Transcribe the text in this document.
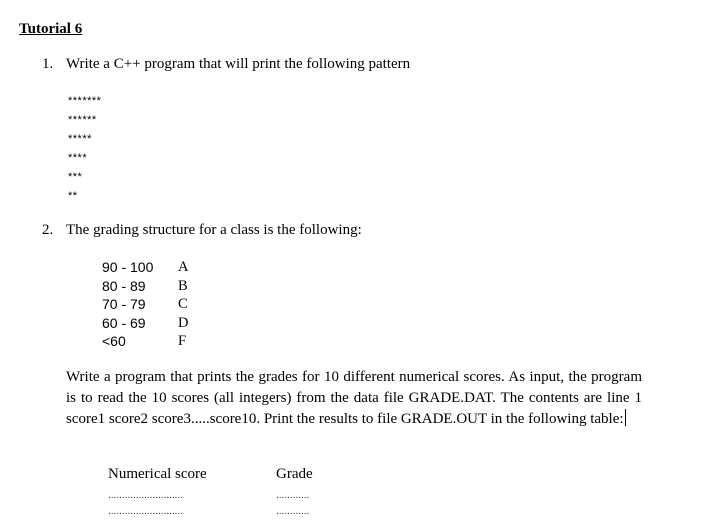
Tutorial 6
1. Write a C++ program that will print the following pattern
*******
******
*****
****
***
**
2. The grading structure for a class is the following:
90 - 100 A
80 - 89 B
70 - 79 C
60 - 69 D
<60	F
Write a program that prints the grades for 10 different numerical scores. As input, the program is to read the 10 scores (all integers) from the data file GRADE.DAT. The contents are line 1 score1 score2 score3.....score10. Print the results to file GRADE.OUT in the following table:
Numerical score	Grade
...........................	............
...........................	............
